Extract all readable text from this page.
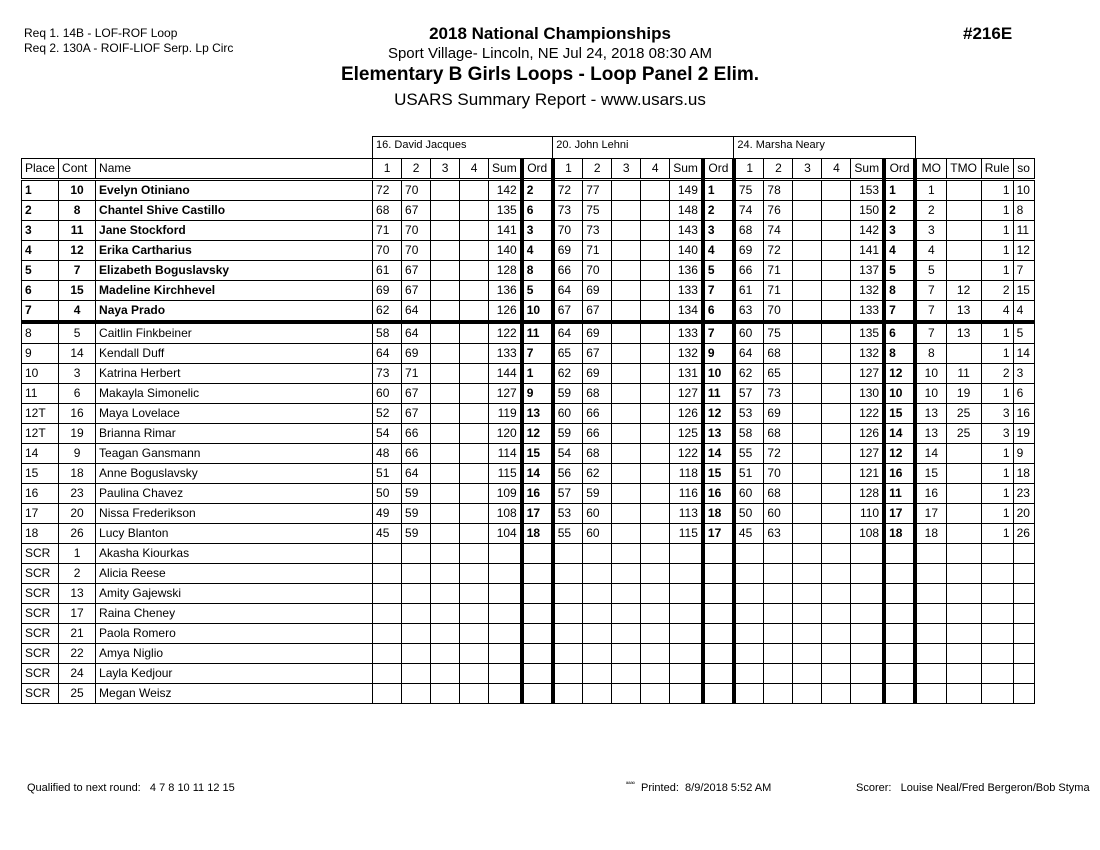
Req 1. 14B - LOF-ROF Loop
Req 2. 130A - ROIF-LIOF Serp. Lp Circ
2018 National Championships
Sport Village- Lincoln, NE Jul 24, 2018 08:30 AM
Elementary B Girls Loops - Loop Panel 2 Elim.
USARS Summary Report - www.usars.us
#216E
			16. David Jacques						20. John Lehni						24. Marsha Neary									
Place	Cont	Name	1	2	3	4	Sum	Ord	1	2	3	4	Sum	Ord	1	2	3	4	Sum	Ord	MO	TMO	Rule	so
1	10	Evelyn Otiniano	72	70			142	2	72	77			149	1	75	78			153	1	1		1	10
2	8	Chantel Shive Castillo	68	67			135	6	73	75			148	2	74	76			150	2	2		1	8
3	11	Jane Stockford	71	70			141	3	70	73			143	3	68	74			142	3	3		1	11
4	12	Erika Cartharius	70	70			140	4	69	71			140	4	69	72			141	4	4		1	12
5	7	Elizabeth Boguslavsky	61	67			128	8	66	70			136	5	66	71			137	5	5		1	7
6	15	Madeline Kirchhevel	69	67			136	5	64	69			133	7	61	71			132	8	7	12	2	15
7	4	Naya Prado	62	64			126	10	67	67			134	6	63	70			133	7	7	13	4	4
8	5	Caitlin Finkbeiner	58	64			122	11	64	69			133	7	60	75			135	6	7	13	1	5
9	14	Kendall Duff	64	69			133	7	65	67			132	9	64	68			132	8	8		1	14
10	3	Katrina Herbert	73	71			144	1	62	69			131	10	62	65			127	12	10	11	2	3
11	6	Makayla Simonelic	60	67			127	9	59	68			127	11	57	73			130	10	10	19	1	6
12T	16	Maya Lovelace	52	67			119	13	60	66			126	12	53	69			122	15	13	25	3	16
12T	19	Brianna Rimar	54	66			120	12	59	66			125	13	58	68			126	14	13	25	3	19
14	9	Teagan Gansmann	48	66			114	15	54	68			122	14	55	72			127	12	14		1	9
15	18	Anne Boguslavsky	51	64			115	14	56	62			118	15	51	70			121	16	15		1	18
16	23	Paulina Chavez	50	59			109	16	57	59			116	16	60	68			128	11	16		1	23
17	20	Nissa Frederikson	49	59			108	17	53	60			113	18	50	60			110	17	17		1	20
18	26	Lucy Blanton	45	59			104	18	55	60			115	17	45	63			108	18	18		1	26
SCR	1	Akasha Kiourkas																						
SCR	2	Alicia Reese																						
SCR	13	Amity Gajewski																						
SCR	17	Raina Cheney																						
SCR	21	Paola Romero																						
SCR	22	Amya Niglio																						
SCR	24	Layla Kedjour																						
SCR	25	Megan Weisz																						
Qualified to next round: 4 7 8 10 11 12 15	$^{ªªªº}$ Printed: 8/9/2018 5:52 AM	Scorer: Louise Neal/Fred Bergeron/Bob Styma
